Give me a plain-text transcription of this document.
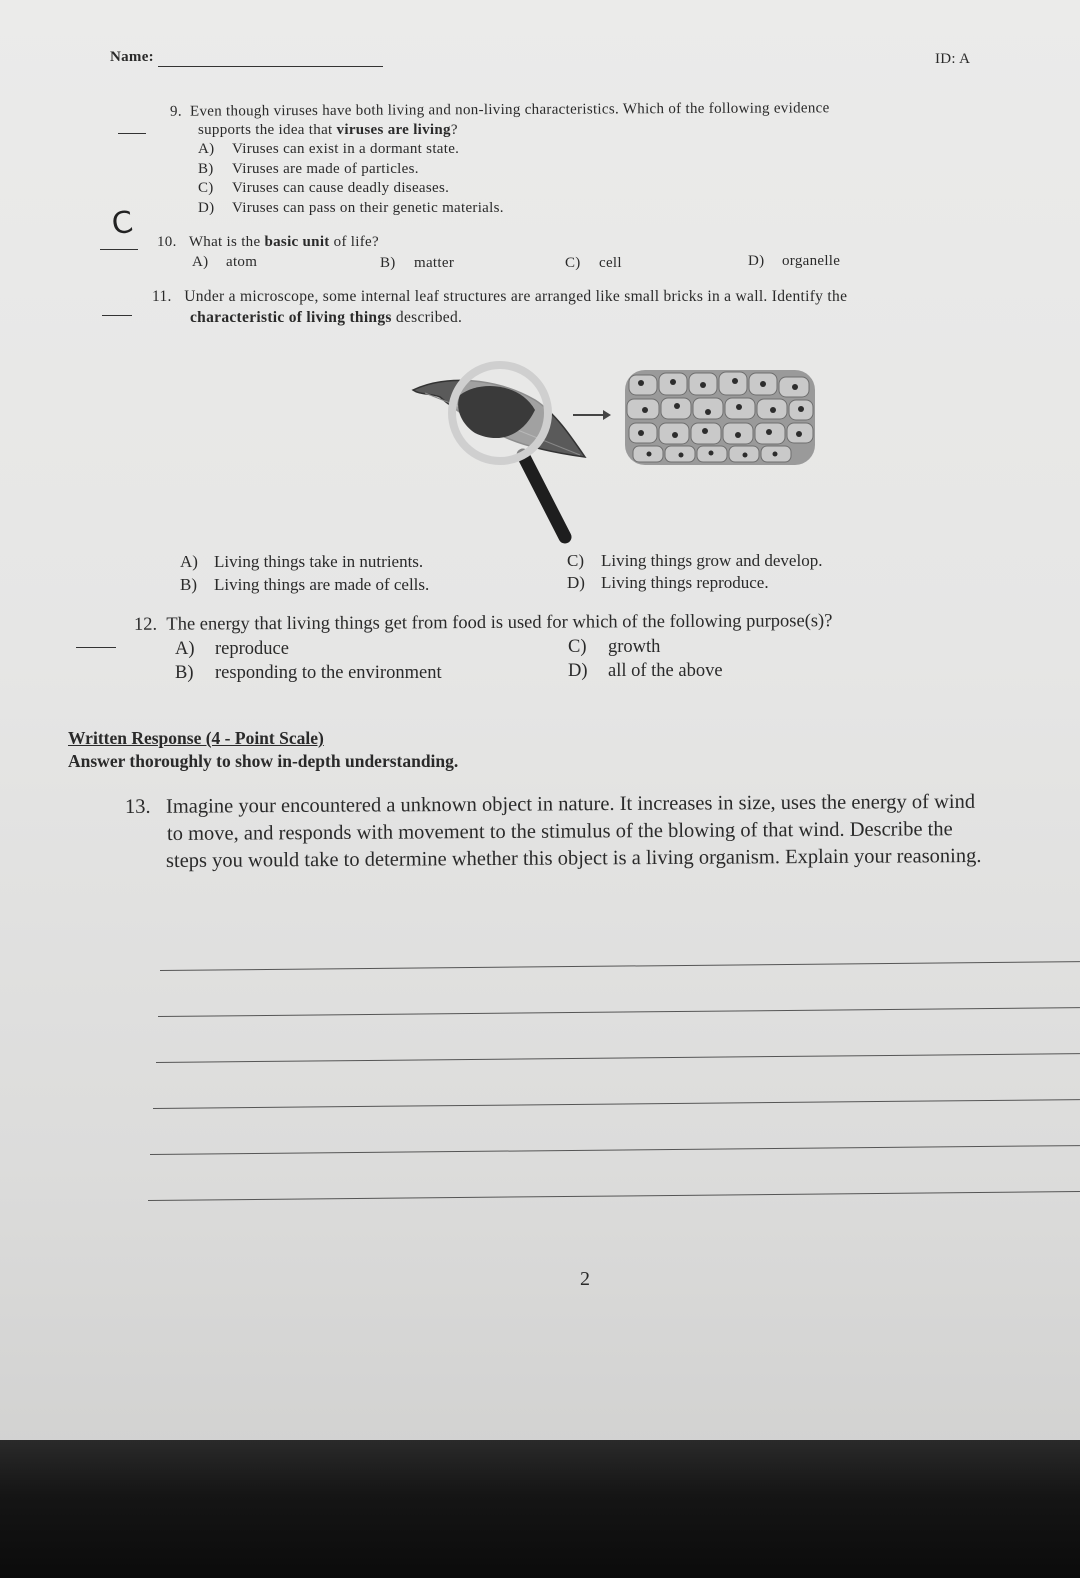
Name:	ID: A
9. Even though viruses have both living and non-living characteristics. Which of the following evidence
supports the idea that viruses are living?
A) Viruses can exist in a dormant state.
B) Viruses are made of particles.
C) Viruses can cause deadly diseases.
D) Viruses can pass on their genetic materials.
C 10. What is the basic unit of life?
A) atom	B) matter	C) cell	D) organelle
11. Under a microscope, some internal leaf structures are arranged like small bricks in a wall. Identify the
characteristic of living things described.
A) Living things take in nutrients.
B) Living things are made of cells.
C) Living things grow and develop.
D) Living things reproduce.
12. The energy that living things get from food is used for which of the following purpose(s)?
A) reproduce
B) responding to the environment
C) growth
D) all of the above
Written Response (4 - Point Scale)
Answer thoroughly to show in-depth understanding.
13. Imagine your encountered a unknown object in nature. It increases in size, uses the energy of wind
to move, and responds with movement to the stimulus of the blowing of that wind. Describe the
steps you would take to determine whether this object is a living organism. Explain your reasoning.
2
